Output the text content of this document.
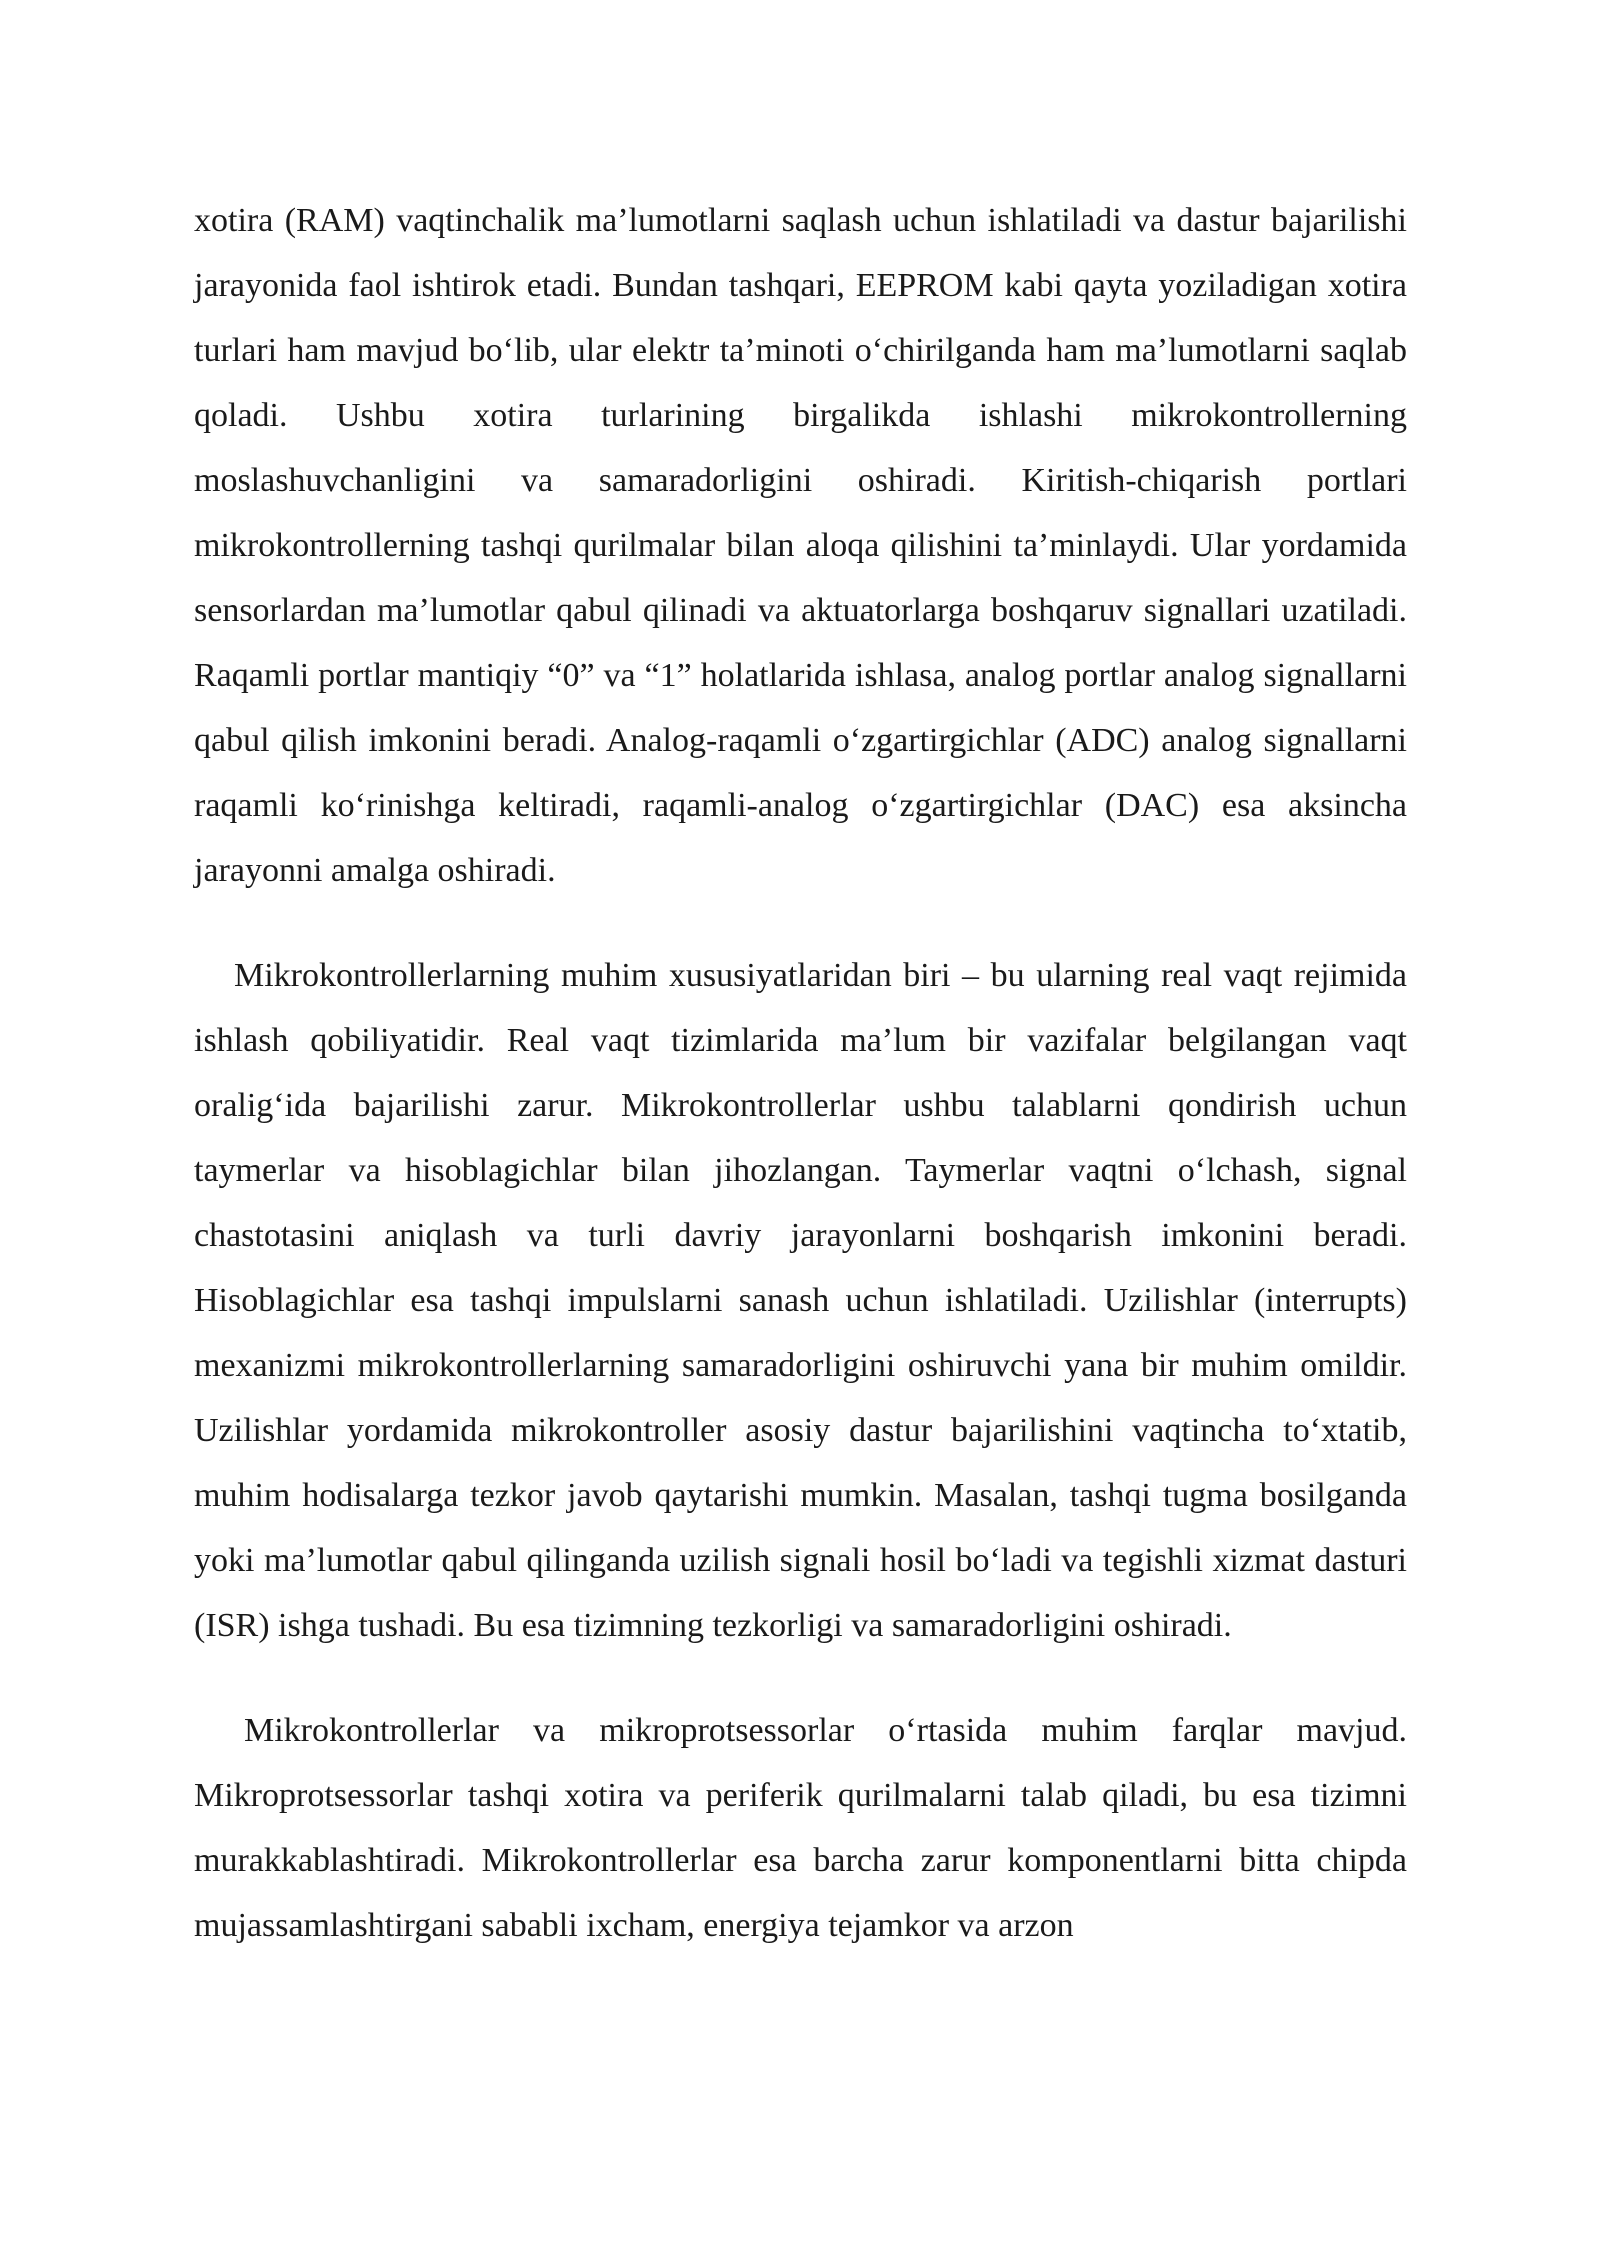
xotira (RAM) vaqtinchalik ma’lumotlarni saqlash uchun ishlatiladi va dastur bajarilishi jarayonida faol ishtirok etadi. Bundan tashqari, EEPROM kabi qayta yoziladigan xotira turlari ham mavjud bo‘lib, ular elektr ta’minoti o‘chirilganda ham ma’lumotlarni saqlab qoladi. Ushbu xotira turlarining birgalikda ishlashi mikrokontrollerning moslashuvchanligini va samaradorligini oshiradi. Kiritish-chiqarish portlari mikrokontrollerning tashqi qurilmalar bilan aloqa qilishini ta’minlaydi. Ular yordamida sensorlardan ma’lumotlar qabul qilinadi va aktuatorlarga boshqaruv signallari uzatiladi. Raqamli portlar mantiqiy “0” va “1” holatlarida ishlasa, analog portlar analog signallarni qabul qilish imkonini beradi. Analog-raqamli o‘zgartirgichlar (ADC) analog signallarni raqamli ko‘rinishga keltiradi, raqamli-analog o‘zgartirgichlar (DAC) esa aksincha jarayonni amalga oshiradi.

Mikrokontrollerlarning muhim xususiyatlaridan biri – bu ularning real vaqt rejimida ishlash qobiliyatidir. Real vaqt tizimlarida ma’lum bir vazifalar belgilangan vaqt oralig‘ida bajarilishi zarur. Mikrokontrollerlar ushbu talablarni qondirish uchun taymerlar va hisoblagichlar bilan jihozlangan. Taymerlar vaqtni o‘lchash, signal chastotasini aniqlash va turli davriy jarayonlarni boshqarish imkonini beradi. Hisoblagichlar esa tashqi impulslarni sanash uchun ishlatiladi. Uzilishlar (interrupts) mexanizmi mikrokontrollerlarning samaradorligini oshiruvchi yana bir muhim omildir. Uzilishlar yordamida mikrokontroller asosiy dastur bajarilishini vaqtincha to‘xtatib, muhim hodisalarga tezkor javob qaytarishi mumkin. Masalan, tashqi tugma bosilganda yoki ma’lumotlar qabul qilinganda uzilish signali hosil bo‘ladi va tegishli xizmat dasturi (ISR) ishga tushadi. Bu esa tizimning tezkorligi va samaradorligini oshiradi.

Mikrokontrollerlar va mikroprotsessorlar o‘rtasida muhim farqlar mavjud. Mikroprotsessorlar tashqi xotira va periferik qurilmalarni talab qiladi, bu esa tizimni murakkablashtiradi. Mikrokontrollerlar esa barcha zarur komponentlarni bitta chipda mujassamlashtirgani sababli ixcham, energiya tejamkor va arzon
